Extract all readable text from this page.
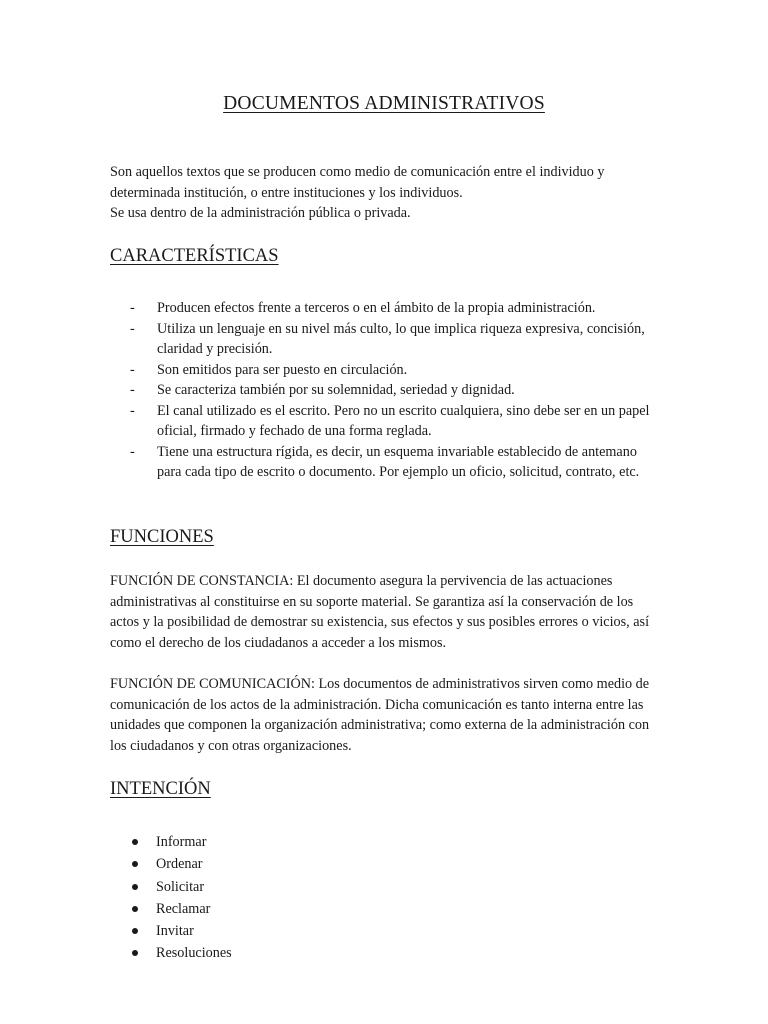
DOCUMENTOS ADMINISTRATIVOS

Son aquellos textos que se producen como medio de comunicación entre el individuo y determinada institución, o entre instituciones y los individuos.

Se usa dentro de la administración pública o privada.

CARACTERÍSTICAS
- Producen efectos frente a terceros o en el ámbito de la propia administración.
- Utiliza un lenguaje en su nivel más culto, lo que implica riqueza expresiva, concisión, claridad y precisión.
- Son emitidos para ser puesto en circulación.
- Se caracteriza también por su solemnidad, seriedad y dignidad.
- El canal utilizado es el escrito. Pero no un escrito cualquiera, sino debe ser en un papel oficial, firmado y fechado de una forma reglada.
- Tiene una estructura rígida, es decir, un esquema invariable establecido de antemano para cada tipo de escrito o documento. Por ejemplo un oficio, solicitud, contrato, etc.
FUNCIONES
FUNCIÓN DE CONSTANCIA: El documento asegura la pervivencia de las actuaciones administrativas al constituirse en su soporte material. Se garantiza así la conservación de los actos y la posibilidad de demostrar su existencia, sus efectos y sus posibles errores o vicios, así como el derecho de los ciudadanos a acceder a los mismos.
FUNCIÓN DE COMUNICACIÓN: Los documentos de administrativos sirven como medio de comunicación de los actos de la administración. Dicha comunicación es tanto interna entre las unidades que componen la organización administrativa; como externa de la administración con los ciudadanos y con otras organizaciones.
INTENCIÓN
Informar
Ordenar
Solicitar
Reclamar
Invitar
Resoluciones
